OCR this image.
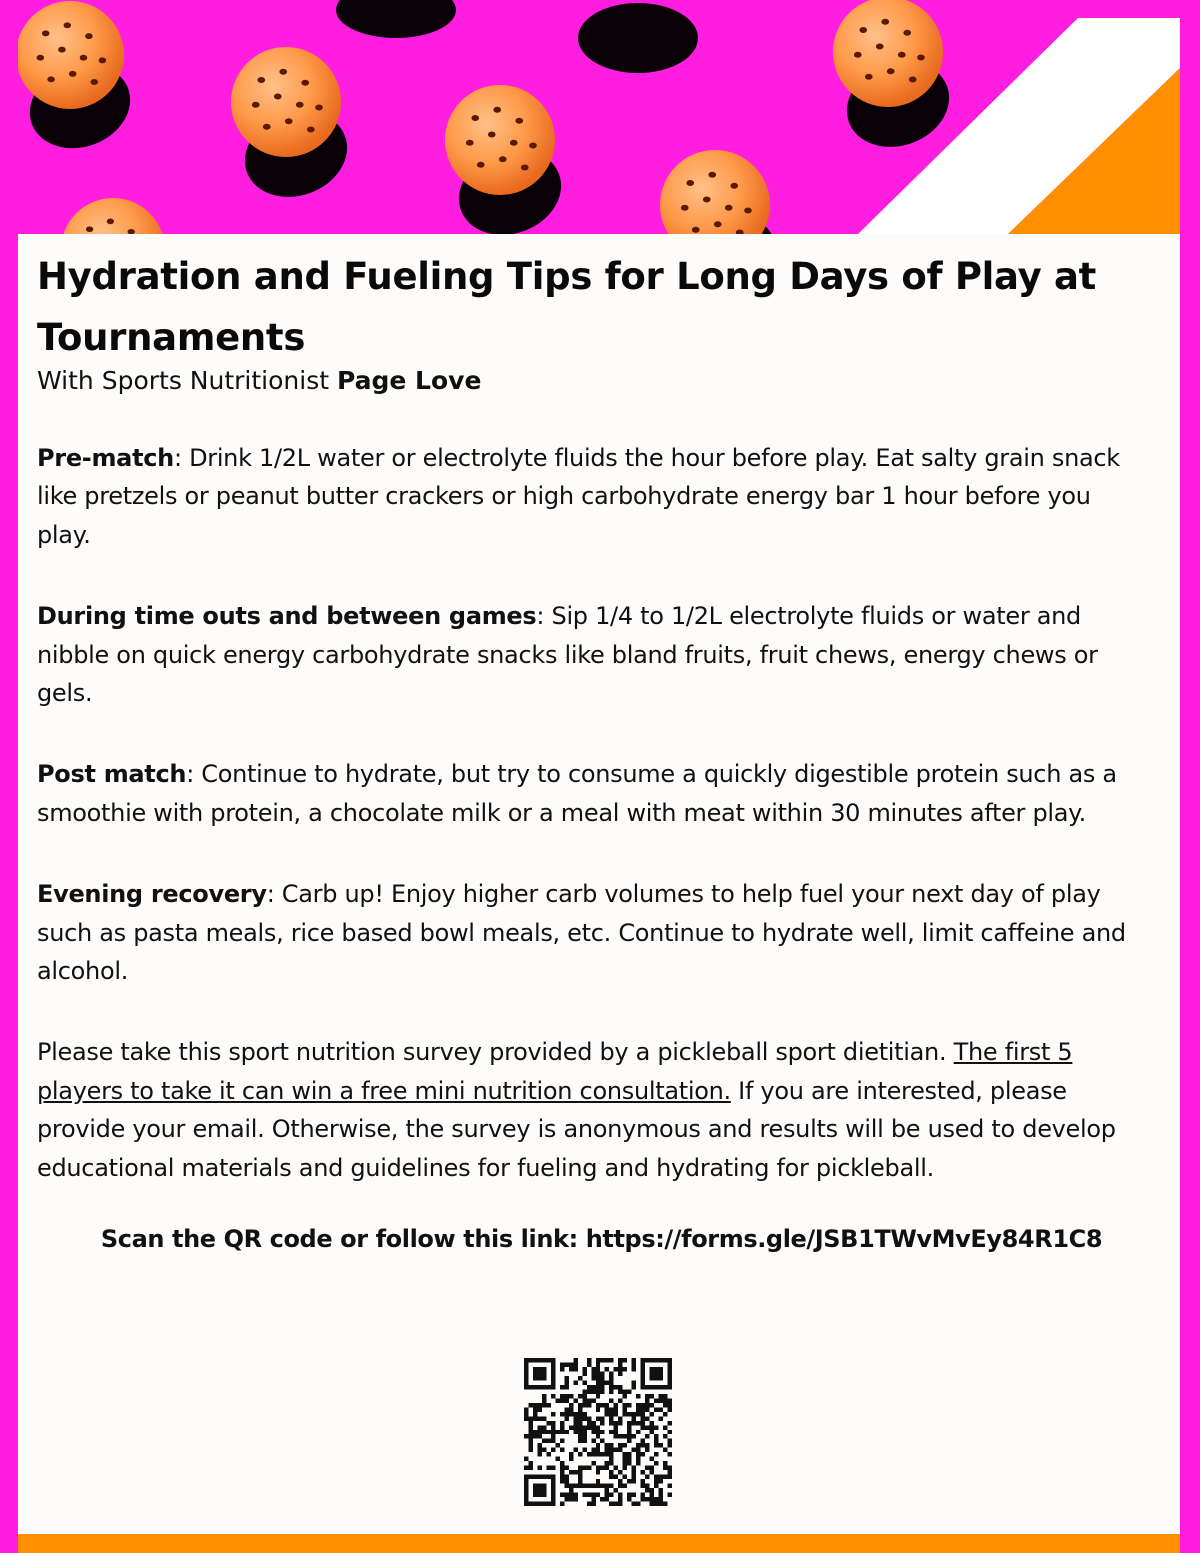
Hydration and Fueling Tips for Long Days of Play at Tournaments
With Sports Nutritionist Page Love

Pre-match: Drink 1/2L water or electrolyte fluids the hour before play. Eat salty grain snack like pretzels or peanut butter crackers or high carbohydrate energy bar 1 hour before you play.

During time outs and between games: Sip 1/4 to 1/2L electrolyte fluids or water and nibble on quick energy carbohydrate snacks like bland fruits, fruit chews, energy chews or gels.

Post match: Continue to hydrate, but try to consume a quickly digestible protein such as a smoothie with protein, a chocolate milk or a meal with meat within 30 minutes after play.

Evening recovery: Carb up! Enjoy higher carb volumes to help fuel your next day of play such as pasta meals, rice based bowl meals, etc. Continue to hydrate well, limit caffeine and alcohol.

Please take this sport nutrition survey provided by a pickleball sport dietitian. The first 5 players to take it can win a free mini nutrition consultation. If you are interested, please provide your email. Otherwise, the survey is anonymous and results will be used to develop educational materials and guidelines for fueling and hydrating for pickleball.

Scan the QR code or follow this link: https://forms.gle/JSB1TWvMvEy84R1C8
